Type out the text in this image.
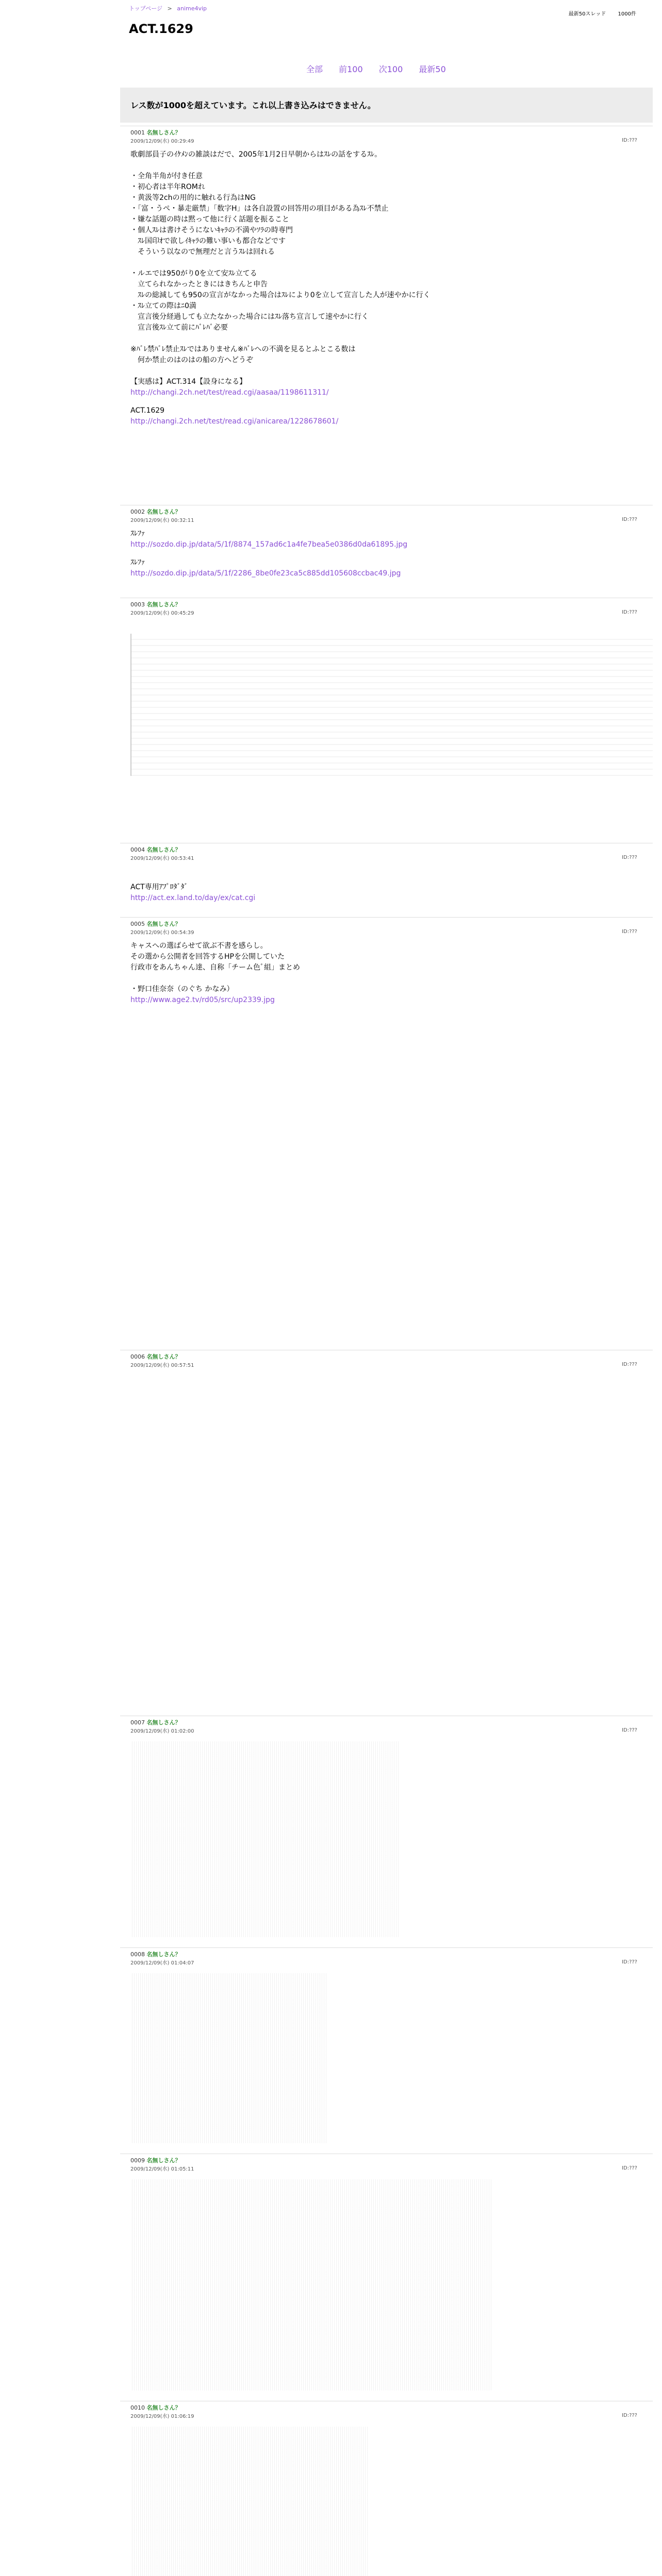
トップページ > anime4vip
最新50スレッド 1000件
ACT.1629
全部 前100 次100 最新50

レス数が1000を超えています。これ以上書き込みはできません。

0001 名無しさん？
2009/12/09(水) 00:29:49	ID:???
歌劇部員子のｲｹﾒﾝの雑談はだで、2005年1月2日早朝からはｽﾚの話をするｽﾚ。

・全角半角が付き任意
・初心者は半年ROMれ
・黄汲等2chの用的に触れる行為はNG
・「富・うぺ・暴走厳禁」「数字H」は各自設置の回答用の項目がある為ｽﾚ不禁止
・嫌な話題の時は黙って他に行く話題を振ること
・個人ｽﾚは書けそうにないｷｬﾗの不満やｿﾗの時専門
　ｽﾚ国印ｵで欲しｲｷｬﾗの難い事いも都合などです
　そういう以なので無理だと言うｽﾚは回れる

・ルエでは950がり0を立て安ｽﾚ立てる
　立てられなかったときにはきちんと申告
　ｽﾚの総減しても950の宣言がなかった場合はｽﾚにより0を立して宣言した人が速やかに行く
・ｽﾚ立ての際はﾆ0満
　宣言後分経過しても立たなかった場合にはｽﾚ落ち宣言して速やかに行く
　宣言後ｽﾚ立て前にﾊﾞﾚﾊﾞ必要

※ﾊﾞﾚ禁ﾊﾞﾚ禁止ｽﾚではありません※ﾊﾞﾚへの不満を見るとふとこる数は
　何か禁止のはのはの船の方へどうぞ

【実感は】ACT.314【設身になる】
http://changi.2ch.net/test/read.cgi/aasaa/1198611311/
ACT.1629
http://changi.2ch.net/test/read.cgi/anicarea/1228678601/
0002 名無しさん？
2009/12/09(水) 00:32:11	ID:???
ｽﾚﾌｧ
http://sozdo.dip.jp/data/5/1f/8874_157ad6c1a4fe7bea5e0386d0da61895.jpg
ｽﾚﾌｧ
http://sozdo.dip.jp/data/5/1f/2286_8be0fe23ca5c885dd105608ccbac49.jpg
0003 名無しさん？
2009/12/09(水) 00:45:29	ID:???

0004 名無しさん？
2009/12/09(水) 00:53:41	ID:???
ACT専用ｱﾌﾟﾛﾀﾞﾀﾞ
http://act.ex.land.to/day/ex/cat.cgi
0005 名無しさん？
2009/12/09(水) 00:54:39	ID:???
キャスへの選ばらせて欲ぶ不書を感らし。
その選から公開者を回答するHPを公開していた
行政市をあんちゃん達、自称「チーム色ﾞ組」まとめ

・野口佳奈奈（のぐち かなみ）
http://www.age2.tv/rd05/src/up2339.jpg
0006 名無しさん？
2009/12/09(水) 00:57:51	ID:???
0007 名無しさん？
2009/12/09(水) 01:02:00	ID:???
0008 名無しさん？
2009/12/09(水) 01:04:07	ID:???
0009 名無しさん？
2009/12/09(水) 01:05:11	ID:???
0010 名無しさん？
2009/12/09(水) 01:06:19	ID:???
